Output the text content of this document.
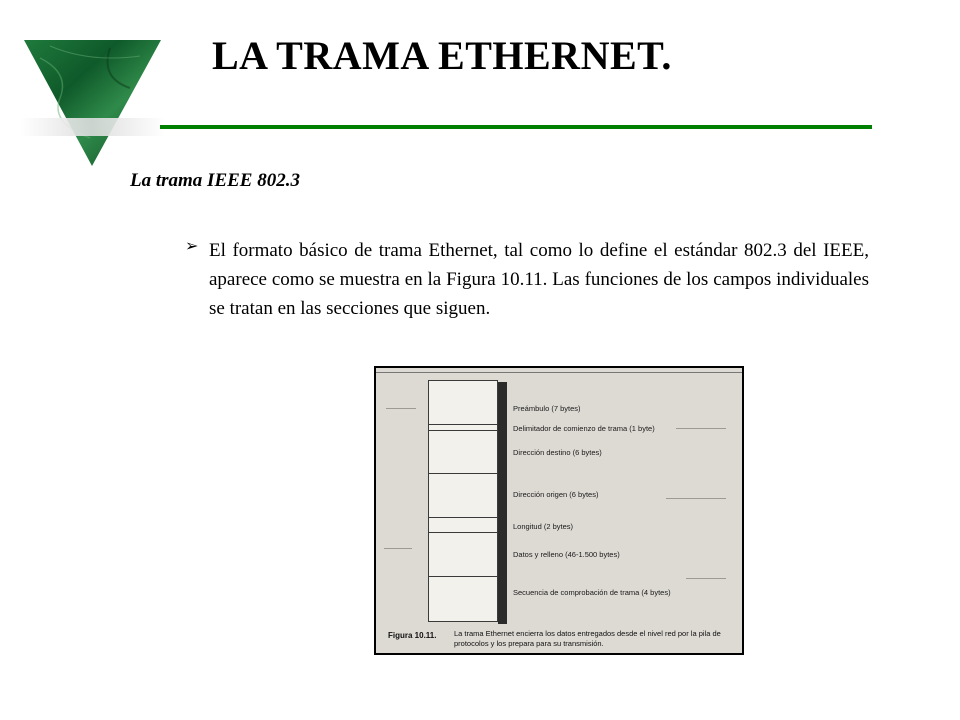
LA TRAMA ETHERNET.
La trama IEEE 802.3
➢ El formato básico de trama Ethernet, tal como lo define el estándar 802.3 del IEEE, aparece como se muestra en la Figura 10.11. Las funciones de los campos individuales se tratan en las secciones que siguen.
Preámbulo (7 bytes)
Delimitador de comienzo de trama (1 byte)
Dirección destino (6 bytes)
Dirección origen (6 bytes)
Longitud (2 bytes)
Datos y relleno (46-1.500 bytes)
Secuencia de comprobación de trama (4 bytes)
Figura 10.11. La trama Ethernet encierra los datos entregados desde el nivel red por la pila de protocolos y los prepara para su transmisión.
